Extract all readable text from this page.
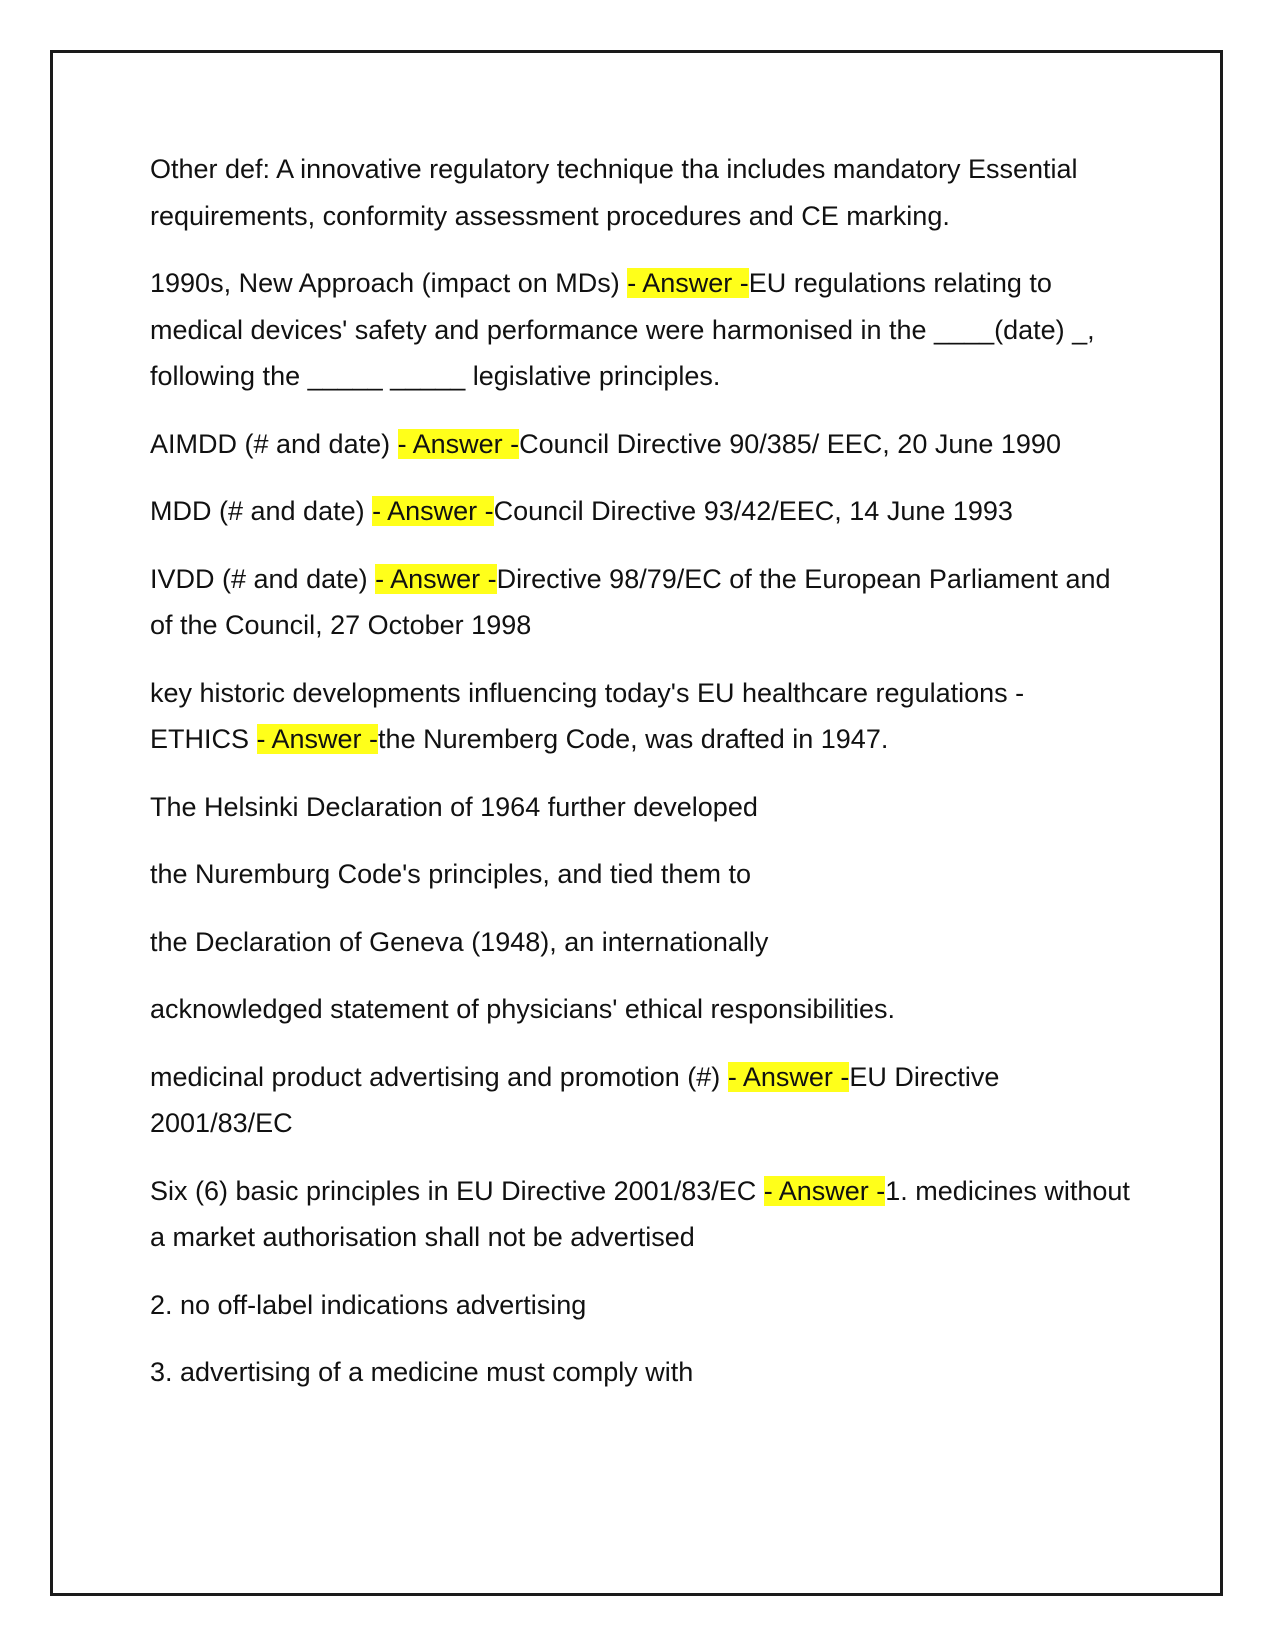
Other def: A innovative regulatory technique tha includes mandatory Essential requirements, conformity assessment procedures and CE marking.

1990s, New Approach (impact on MDs) - Answer -EU regulations relating to medical devices' safety and performance were harmonised in the ____(date) _, following the _____ _____ legislative principles.

AIMDD (# and date) - Answer -Council Directive 90/385/ EEC, 20 June 1990

MDD (# and date) - Answer -Council Directive 93/42/EEC, 14 June 1993

IVDD (# and date) - Answer -Directive 98/79/EC of the European Parliament and of the Council, 27 October 1998

key historic developments influencing today's EU healthcare regulations - ETHICS - Answer -the Nuremberg Code, was drafted in 1947.

The Helsinki Declaration of 1964 further developed

the Nuremburg Code's principles, and tied them to

the Declaration of Geneva (1948), an internationally

acknowledged statement of physicians' ethical responsibilities.

medicinal product advertising and promotion (#) - Answer -EU Directive 2001/83/EC

Six (6) basic principles in EU Directive 2001/83/EC - Answer -1. medicines without a market authorisation shall not be advertised

2. no off-label indications advertising

3. advertising of a medicine must comply with
